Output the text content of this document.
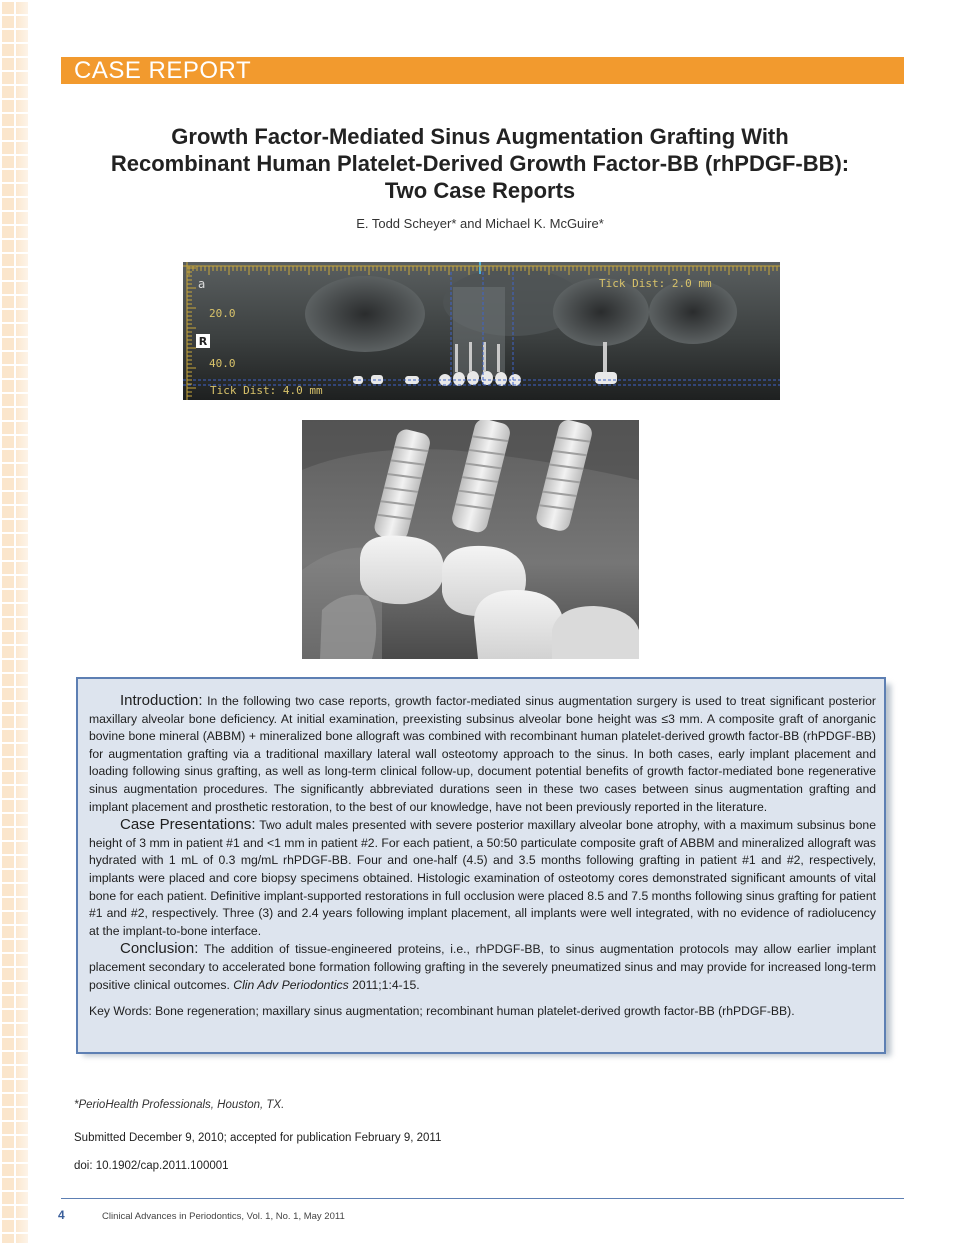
CASE REPORT
Growth Factor-Mediated Sinus Augmentation Grafting With
Recombinant Human Platelet-Derived Growth Factor-BB (rhPDGF-BB):
Two Case Reports
E. Todd Scheyer* and Michael K. McGuire*
R
a
20.0
40.0
Tick Dist: 2.0 mm
Tick Dist: 4.0 mm

Introduction: In the following two case reports, growth factor-mediated sinus augmentation surgery is used to treat significant posterior maxillary alveolar bone deficiency. At initial examination, preexisting subsinus alveolar bone height was ≤3 mm. A composite graft of anorganic bovine bone mineral (ABBM) + mineralized bone allograft was combined with recombinant human platelet-derived growth factor-BB (rhPDGF-BB) for augmentation grafting via a traditional maxillary lateral wall osteotomy approach to the sinus. In both cases, early implant placement and loading following sinus grafting, as well as long-term clinical follow-up, document potential benefits of growth factor-mediated bone regenerative sinus augmentation procedures. The significantly abbreviated durations seen in these two cases between sinus augmentation grafting and implant placement and prosthetic restoration, to the best of our knowledge, have not been previously reported in the literature.

Case Presentations: Two adult males presented with severe posterior maxillary alveolar bone atrophy, with a maximum subsinus bone height of 3 mm in patient #1 and <1 mm in patient #2. For each patient, a 50:50 particulate composite graft of ABBM and mineralized allograft was hydrated with 1 mL of 0.3 mg/mL rhPDGF-BB. Four and one-half (4.5) and 3.5 months following grafting in patient #1 and #2, respectively, implants were placed and core biopsy specimens obtained. Histologic examination of osteotomy cores demonstrated significant amounts of vital bone for each patient. Definitive implant-supported restorations in full occlusion were placed 8.5 and 7.5 months following sinus grafting for patient #1 and #2, respectively. Three (3) and 2.4 years following implant placement, all implants were well integrated, with no evidence of radiolucency at the implant-to-bone interface.

Conclusion: The addition of tissue-engineered proteins, i.e., rhPDGF-BB, to sinus augmentation protocols may allow earlier implant placement secondary to accelerated bone formation following grafting in the severely pneumatized sinus and may provide for increased long-term positive clinical outcomes. Clin Adv Periodontics 2011;1:4-15.

Key Words: Bone regeneration; maxillary sinus augmentation; recombinant human platelet-derived growth factor-BB (rhPDGF-BB).

*PerioHealth Professionals, Houston, TX.
Submitted December 9, 2010; accepted for publication February 9, 2011
doi: 10.1902/cap.2011.100001
4	Clinical Advances in Periodontics, Vol. 1, No. 1, May 2011
